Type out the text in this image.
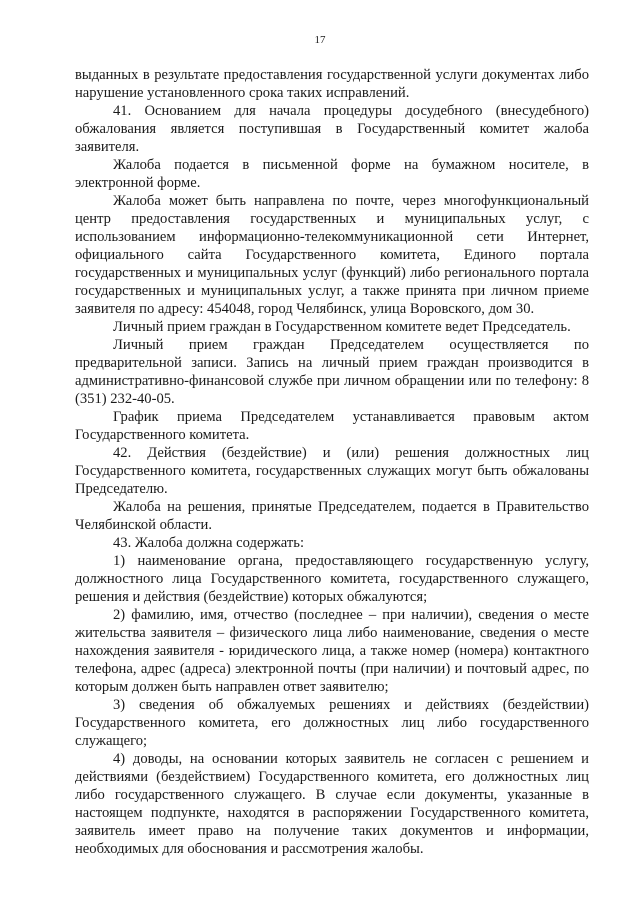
17

выданных в результате предоставления государственной услуги документах либо нарушение установленного срока таких исправлений.

41. Основанием для начала процедуры досудебного (внесудебного) обжалования является поступившая в Государственный комитет жалоба заявителя.

Жалоба подается в письменной форме на бумажном носителе, в электронной форме.

Жалоба может быть направлена по почте, через многофункциональный центр предоставления государственных и муниципальных услуг, с использованием информационно-телекоммуникационной сети Интернет, официального сайта Государственного комитета, Единого портала государственных и муниципальных услуг (функций) либо регионального портала государственных и муниципальных услуг, а также принята при личном приеме заявителя по адресу: 454048, город Челябинск, улица Воровского, дом 30.

Личный прием граждан в Государственном комитете ведет Председатель.

Личный прием граждан Председателем осуществляется по предварительной записи. Запись на личный прием граждан производится в административно-финансовой службе при личном обращении или по телефону: 8 (351) 232-40-05.

График приема Председателем устанавливается правовым актом Государственного комитета.

42. Действия (бездействие) и (или) решения должностных лиц Государственного комитета, государственных служащих могут быть обжалованы Председателю.

Жалоба на решения, принятые Председателем, подается в Правительство Челябинской области.

43. Жалоба должна содержать:

1) наименование органа, предоставляющего государственную услугу, должностного лица Государственного комитета, государственного служащего, решения и действия (бездействие) которых обжалуются;

2) фамилию, имя, отчество (последнее – при наличии), сведения о месте жительства заявителя – физического лица либо наименование, сведения о месте нахождения заявителя - юридического лица, а также номер (номера) контактного телефона, адрес (адреса) электронной почты (при наличии) и почтовый адрес, по которым должен быть направлен ответ заявителю;

3) сведения об обжалуемых решениях и действиях (бездействии) Государственного комитета, его должностных лиц либо государственного служащего;

4) доводы, на основании которых заявитель не согласен с решением и действиями (бездействием) Государственного комитета, его должностных лиц либо государственного служащего. В случае если документы, указанные в настоящем подпункте, находятся в распоряжении Государственного комитета, заявитель имеет право на получение таких документов и информации, необходимых для обоснования и рассмотрения жалобы.
